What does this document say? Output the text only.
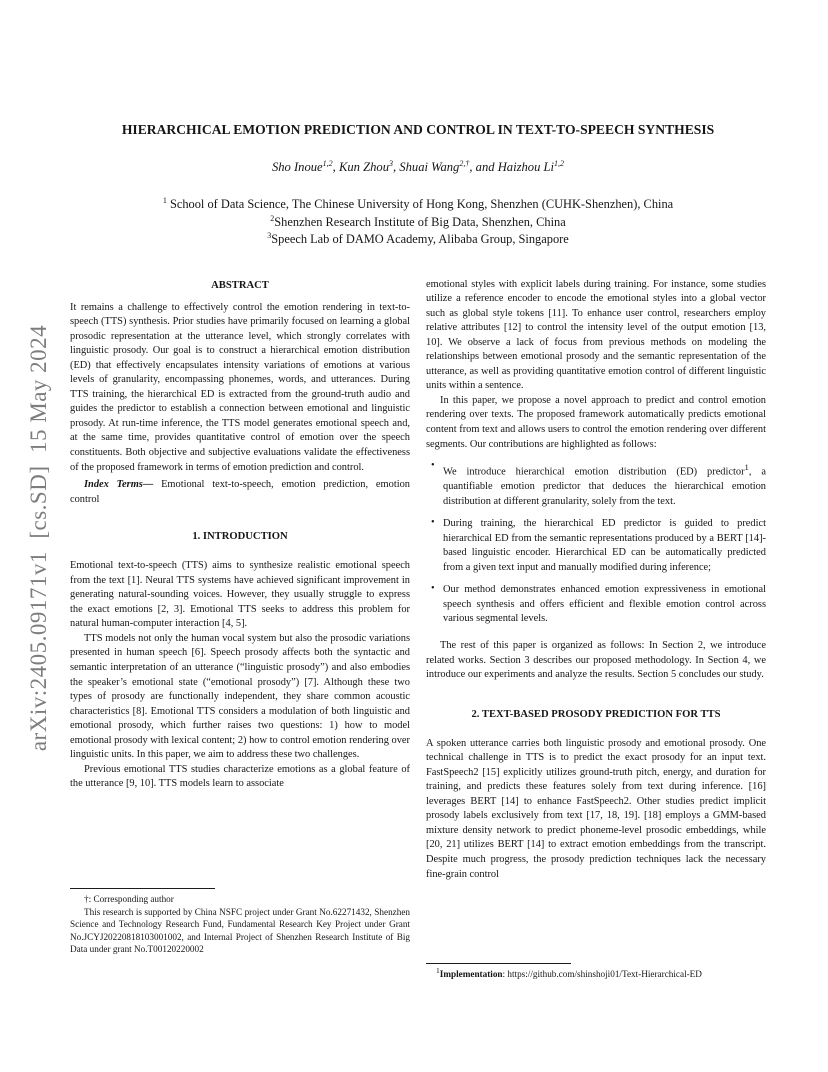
arXiv:2405.09171v1  [cs.SD]  15 May 2024
HIERARCHICAL EMOTION PREDICTION AND CONTROL IN TEXT-TO-SPEECH SYNTHESIS
Sho Inoue$^{1,2}$, Kun Zhou$^3$, Shuai Wang$^{2,\dagger}$, and Haizhou Li$^{1,2}$
$^1$ School of Data Science, The Chinese University of Hong Kong, Shenzhen (CUHK-Shenzhen), China
$^2$Shenzhen Research Institute of Big Data, Shenzhen, China
$^3$Speech Lab of DAMO Academy, Alibaba Group, Singapore
ABSTRACT

It remains a challenge to effectively control the emotion rendering in text-to-speech (TTS) synthesis. Prior studies have primarily focused on learning a global prosodic representation at the utterance level, which strongly correlates with linguistic prosody. Our goal is to construct a hierarchical emotion distribution (ED) that effectively encapsulates intensity variations of emotions at various levels of granularity, encompassing phonemes, words, and utterances. During TTS training, the hierarchical ED is extracted from the ground-truth audio and guides the predictor to establish a connection between emotional and linguistic prosody. At run-time inference, the TTS model generates emotional speech and, at the same time, provides quantitative control of emotion over the speech constituents. Both objective and subjective evaluations validate the effectiveness of the proposed framework in terms of emotion prediction and control.

Index Terms— Emotional text-to-speech, emotion prediction, emotion control

1. INTRODUCTION

Emotional text-to-speech (TTS) aims to synthesize realistic emotional speech from the text [1]. Neural TTS systems have achieved significant improvement in generating natural-sounding voices. However, they usually struggle to express the exact emotions [2, 3]. Emotional TTS seeks to address this problem for natural human-computer interaction [4, 5].

TTS models not only the human vocal system but also the prosodic variations presented in human speech [6]. Speech prosody affects both the syntactic and semantic interpretation of an utterance (“linguistic prosody”) and also embodies the speaker’s emotional state (“emotional prosody”) [7]. Although these two types of prosody are functionally independent, they share common acoustic characteristics [8]. Emotional TTS considers a modulation of both linguistic and emotional prosody, which further raises two questions: 1) how to model emotional prosody with lexical content; 2) how to control emotion rendering over linguistic units. In this paper, we aim to address these two challenges.

Previous emotional TTS studies characterize emotions as a global feature of the utterance [9, 10]. TTS models learn to associate

†: Corresponding author

This research is supported by China NSFC project under Grant No.62271432, Shenzhen Science and Technology Research Fund, Fundamental Research Key Project under Grant No.JCYJ20220818103001002, and Internal Project of Shenzhen Research Institute of Big Data under grant No.T00120220002

emotional styles with explicit labels during training. For instance, some studies utilize a reference encoder to encode the emotional styles into a global vector such as global style tokens [11]. To enhance user control, researchers employ relative attributes [12] to control the intensity level of the output emotion [13, 10]. We observe a lack of focus from previous methods on modeling the relationships between emotional prosody and the semantic representation of the utterance, as well as providing quantitative emotion control of different linguistic units within a sentence.

In this paper, we propose a novel approach to predict and control emotion rendering over texts. The proposed framework automatically predicts emotional content from text and allows users to control the emotion rendering over different segments. Our contributions are highlighted as follows:

•
We introduce hierarchical emotion distribution (ED) predictor$^1$, a quantifiable emotion predictor that deduces the hierarchical emotion distribution at different granularity, solely from the text.
• During training, the hierarchical ED predictor is guided to predict hierarchical ED from the semantic representations produced by a BERT [14]-based linguistic encoder. Hierarchical ED can be automatically predicted from a given text input and manually modified during inference;
• Our method demonstrates enhanced emotion expressiveness in emotional speech synthesis and offers efficient and flexible emotion control across various segmental levels.

The rest of this paper is organized as follows: In Section 2, we introduce related works. Section 3 describes our proposed methodology. In Section 4, we introduce our experiments and analyze the results. Section 5 concludes our study.

2. TEXT-BASED PROSODY PREDICTION FOR TTS

A spoken utterance carries both linguistic prosody and emotional prosody. One technical challenge in TTS is to predict the exact prosody for an input text. FastSpeech2 [15] explicitly utilizes ground-truth pitch, energy, and duration for training, and predicts these features solely from text during inference. [16] leverages BERT [14] to enhance FastSpeech2. Other studies predict implicit prosody labels exclusively from text [17, 18, 19]. [18] employs a GMM-based mixture density network to predict phoneme-level prosodic embeddings, while [20, 21] utilizes BERT [14] to extract emotion embeddings from the transcript. Despite much progress, the prosody prediction techniques lack the necessary fine-grain control

$^1$Implementation: https://github.com/shinshoji01/Text-Hierarchical-ED
